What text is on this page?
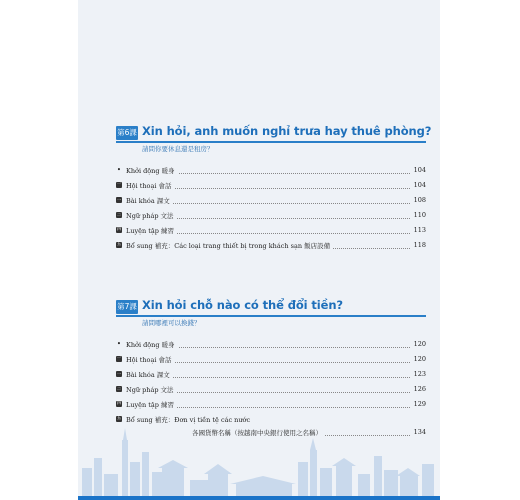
第6課 Xin hỏi, anh muốn nghỉ trưa hay thuê phòng?
請問你要休息還是租房？
• Khởi động 暖身	104
一 Hội thoại 會話	104
二 Bài khóa 課文	108
三 Ngữ pháp 文法	110
四 Luyện tập 練習	113
五 Bổ sung 補充：Các loại trang thiết bị trong khách sạn 飯店設備	118
第7課 Xin hỏi chỗ nào có thể đổi tiền?
請問哪裡可以換錢？
• Khởi động 暖身	120
一 Hội thoại 會話	120
二 Bài khóa 課文	123
三 Ngữ pháp 文法	126
四 Luyện tập 練習	129
五 Bổ sung 補充：Đơn vị tiền tệ các nước
各國貨幣名稱（按越南中央銀行使用之名稱）	134
